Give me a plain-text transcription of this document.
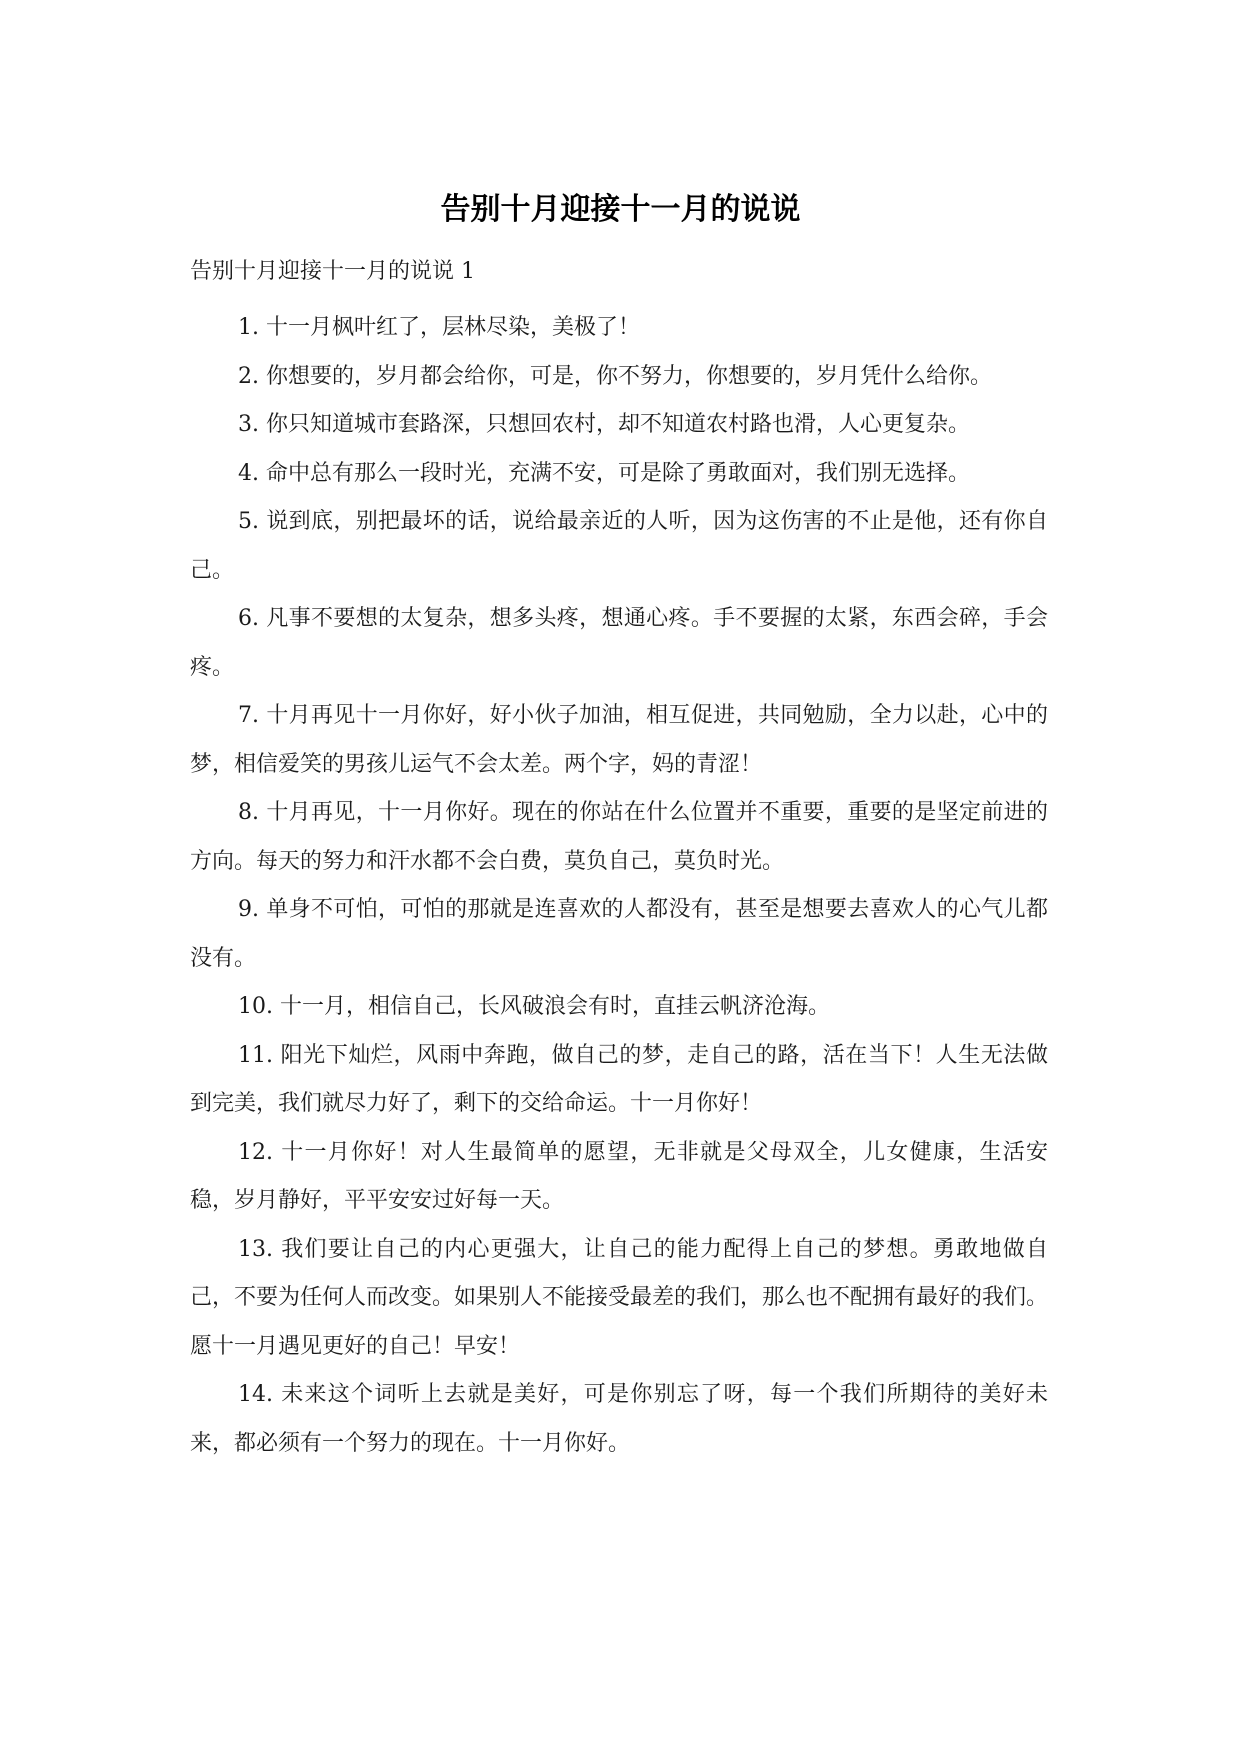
告别十月迎接十一月的说说

告别十月迎接十一月的说说 1

1. 十一月枫叶红了，层林尽染，美极了！

2. 你想要的，岁月都会给你，可是，你不努力，你想要的，岁月凭什么给你。

3. 你只知道城市套路深，只想回农村，却不知道农村路也滑，人心更复杂。

4. 命中总有那么一段时光，充满不安，可是除了勇敢面对，我们别无选择。

5. 说到底，别把最坏的话，说给最亲近的人听，因为这伤害的不止是他，还有你自己。

6. 凡事不要想的太复杂，想多头疼，想通心疼。手不要握的太紧，东西会碎，手会疼。

7. 十月再见十一月你好，好小伙子加油，相互促进，共同勉励，全力以赴，心中的梦，相信爱笑的男孩儿运气不会太差。两个字，妈的青涩！

8. 十月再见，十一月你好。现在的你站在什么位置并不重要，重要的是坚定前进的方向。每天的努力和汗水都不会白费，莫负自己，莫负时光。

9. 单身不可怕，可怕的那就是连喜欢的人都没有，甚至是想要去喜欢人的心气儿都没有。

10. 十一月，相信自己，长风破浪会有时，直挂云帆济沧海。

11. 阳光下灿烂，风雨中奔跑，做自己的梦，走自己的路，活在当下！人生无法做到完美，我们就尽力好了，剩下的交给命运。十一月你好！

12. 十一月你好！对人生最简单的愿望，无非就是父母双全，儿女健康，生活安稳，岁月静好，平平安安过好每一天。

13. 我们要让自己的内心更强大，让自己的能力配得上自己的梦想。勇敢地做自己，不要为任何人而改变。如果别人不能接受最差的我们，那么也不配拥有最好的我们。愿十一月遇见更好的自己！早安！

14. 未来这个词听上去就是美好，可是你别忘了呀，每一个我们所期待的美好未来，都必须有一个努力的现在。十一月你好。
